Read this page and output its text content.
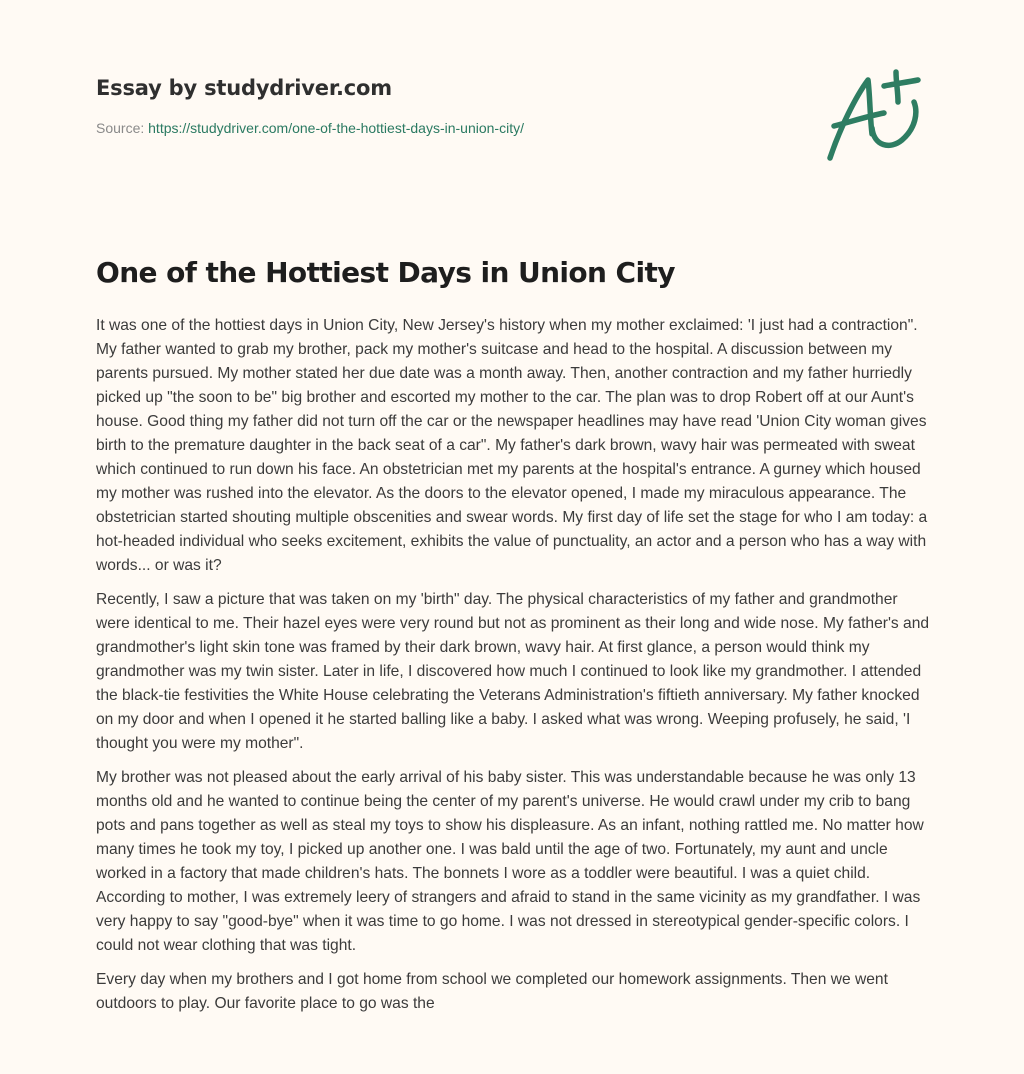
Essay by studydriver.com
Source: https://studydriver.com/one-of-the-hottiest-days-in-union-city/
One of the Hottiest Days in Union City

It was one of the hottiest days in Union City, New Jersey's history when my mother exclaimed: 'I just had a contraction". My father wanted to grab my brother, pack my mother's suitcase and head to the hospital. A discussion between my parents pursued. My mother stated her due date was a month away. Then, another contraction and my father hurriedly picked up "the soon to be" big brother and escorted my mother to the car. The plan was to drop Robert off at our Aunt's house. Good thing my father did not turn off the car or the newspaper headlines may have read 'Union City woman gives birth to the premature daughter in the back seat of a car". My father's dark brown, wavy hair was permeated with sweat which continued to run down his face. An obstetrician met my parents at the hospital's entrance. A gurney which housed my mother was rushed into the elevator. As the doors to the elevator opened, I made my miraculous appearance. The obstetrician started shouting multiple obscenities and swear words. My first day of life set the stage for who I am today: a hot-headed individual who seeks excitement, exhibits the value of punctuality, an actor and a person who has a way with words... or was it?

Recently, I saw a picture that was taken on my 'birth" day. The physical characteristics of my father and grandmother were identical to me. Their hazel eyes were very round but not as prominent as their long and wide nose. My father's and grandmother's light skin tone was framed by their dark brown, wavy hair. At first glance, a person would think my grandmother was my twin sister. Later in life, I discovered how much I continued to look like my grandmother. I attended the black-tie festivities the White House celebrating the Veterans Administration's fiftieth anniversary. My father knocked on my door and when I opened it he started balling like a baby. I asked what was wrong. Weeping profusely, he said, 'I thought you were my mother".

My brother was not pleased about the early arrival of his baby sister. This was understandable because he was only 13 months old and he wanted to continue being the center of my parent's universe. He would crawl under my crib to bang pots and pans together as well as steal my toys to show his displeasure. As an infant, nothing rattled me. No matter how many times he took my toy, I picked up another one. I was bald until the age of two. Fortunately, my aunt and uncle worked in a factory that made children's hats. The bonnets I wore as a toddler were beautiful. I was a quiet child. According to mother, I was extremely leery of strangers and afraid to stand in the same vicinity as my grandfather. I was very happy to say "good-bye" when it was time to go home. I was not dressed in stereotypical gender-specific colors. I could not wear clothing that was tight.

Every day when my brothers and I got home from school we completed our homework assignments. Then we went outdoors to play. Our favorite place to go was the
